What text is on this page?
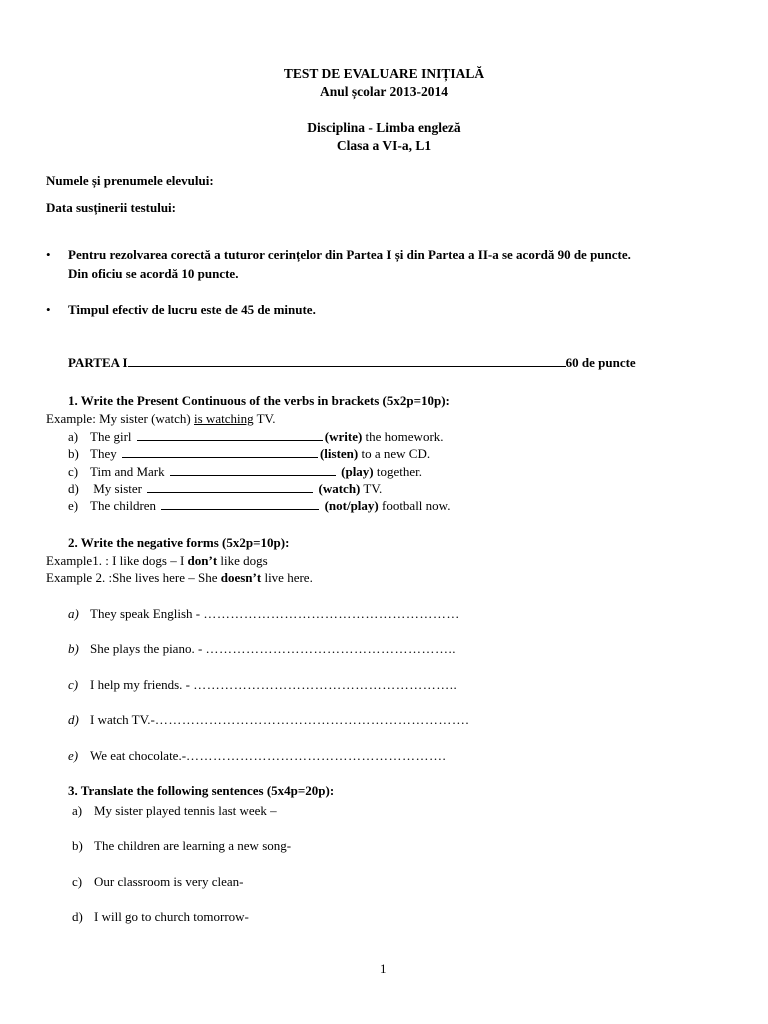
TEST DE EVALUARE INIȚIALĂ
Anul școlar 2013-2014
Disciplina - Limba engleză
Clasa a VI-a, L1
Numele și prenumele elevului:
Data susținerii testului:
• Pentru rezolvarea corectă a tuturor cerințelor din Partea I și din Partea a II-a se acordă 90 de puncte.
Din oficiu se acordă 10 puncte.
• Timpul efectiv de lucru este de 45 de minute.
PARTEA I	60 de puncte
1. Write the Present Continuous of the verbs in brackets (5x2p=10p):
Example: My sister (watch) is watching TV.
a) The girl	(write) the homework.
b) They	(listen) to a new CD.
c) Tim and Mark	(play) together.
d) My sister	(watch) TV.
e) The children	(not/play) football now.
2. Write the negative forms (5x2p=10p):
Example1. : I like dogs – I don’t like dogs
Example 2. :She lives here – She doesn’t live here.
a) They speak English - …………………………………………………
b) She plays the piano. - ………………………………………………..
c) I help my friends. - …………………………………………………..
d) I watch TV.-…………………………………………………………….
e) We eat chocolate.-………………………………………………….
3. Translate the following sentences (5x4p=20p):
a) My sister played tennis last week –
b) The children are learning a new song-
c) Our classroom is very clean-
d) I will go to church tomorrow-
1
